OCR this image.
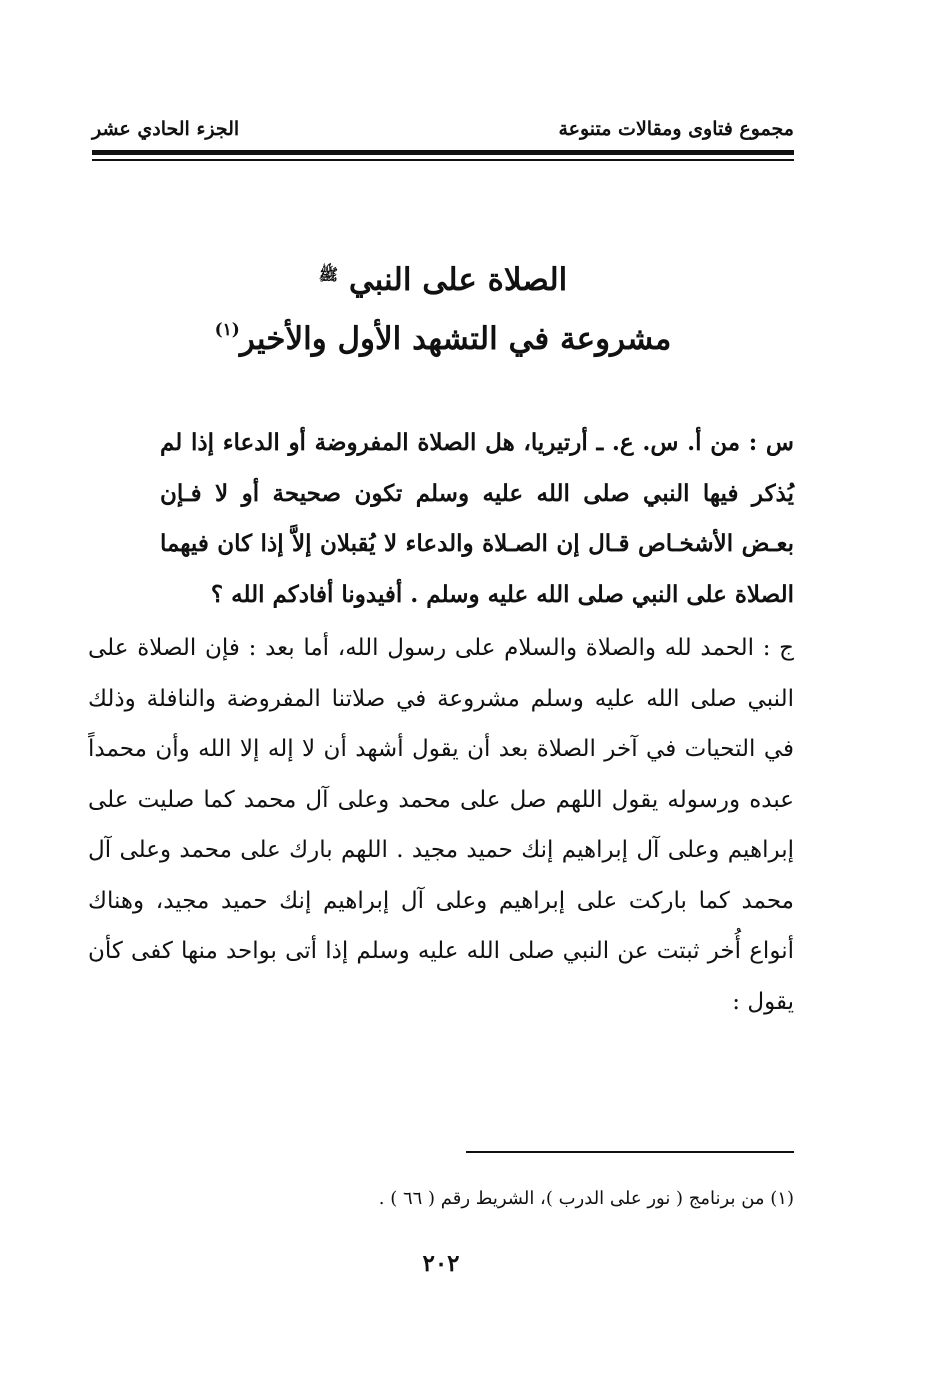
مجموع فتاوى ومقالات متنوعة
الجزء الحادي عشر
الصلاة على النبي $^ﷺ$
مشروعة في التشهد الأول والأخير$^{(١)}$

س : من أ. س. ع. ـ أرتيريا، هل الصلاة المفروضة أو الدعاء إذا لم يُذكر فيها النبي صلى الله عليه وسلم تكون صحيحة أو لا فـإن بعـض الأشخـاص قـال إن الصـلاة والدعاء لا يُقبلان إلاَّ إذا كان فيهما الصلاة على النبي صلى الله عليه وسلم . أفيدونا أفادكم الله ؟

ج : الحمد لله والصلاة والسلام على رسول الله، أما بعد : فإن الصلاة على النبي صلى الله عليه وسلم مشروعة في صلاتنا المفروضة والنافلة وذلك في التحيات في آخر الصلاة بعد أن يقول أشهد أن لا إله إلا الله وأن محمداً عبده ورسوله يقول اللهم صل على محمد وعلى آل محمد كما صليت على إبراهيم وعلى آل إبراهيم إنك حميد مجيد . اللهم بارك على محمد وعلى آل محمد كما باركت على إبراهيم وعلى آل إبراهيم إنك حميد مجيد، وهناك أنواع أُخر ثبتت عن النبي صلى الله عليه وسلم إذا أتى بواحد منها كفى كأن يقول :

(١) من برنامج ( نور على الدرب )، الشريط رقم ( ٦٦ ) .
٢٠٢
